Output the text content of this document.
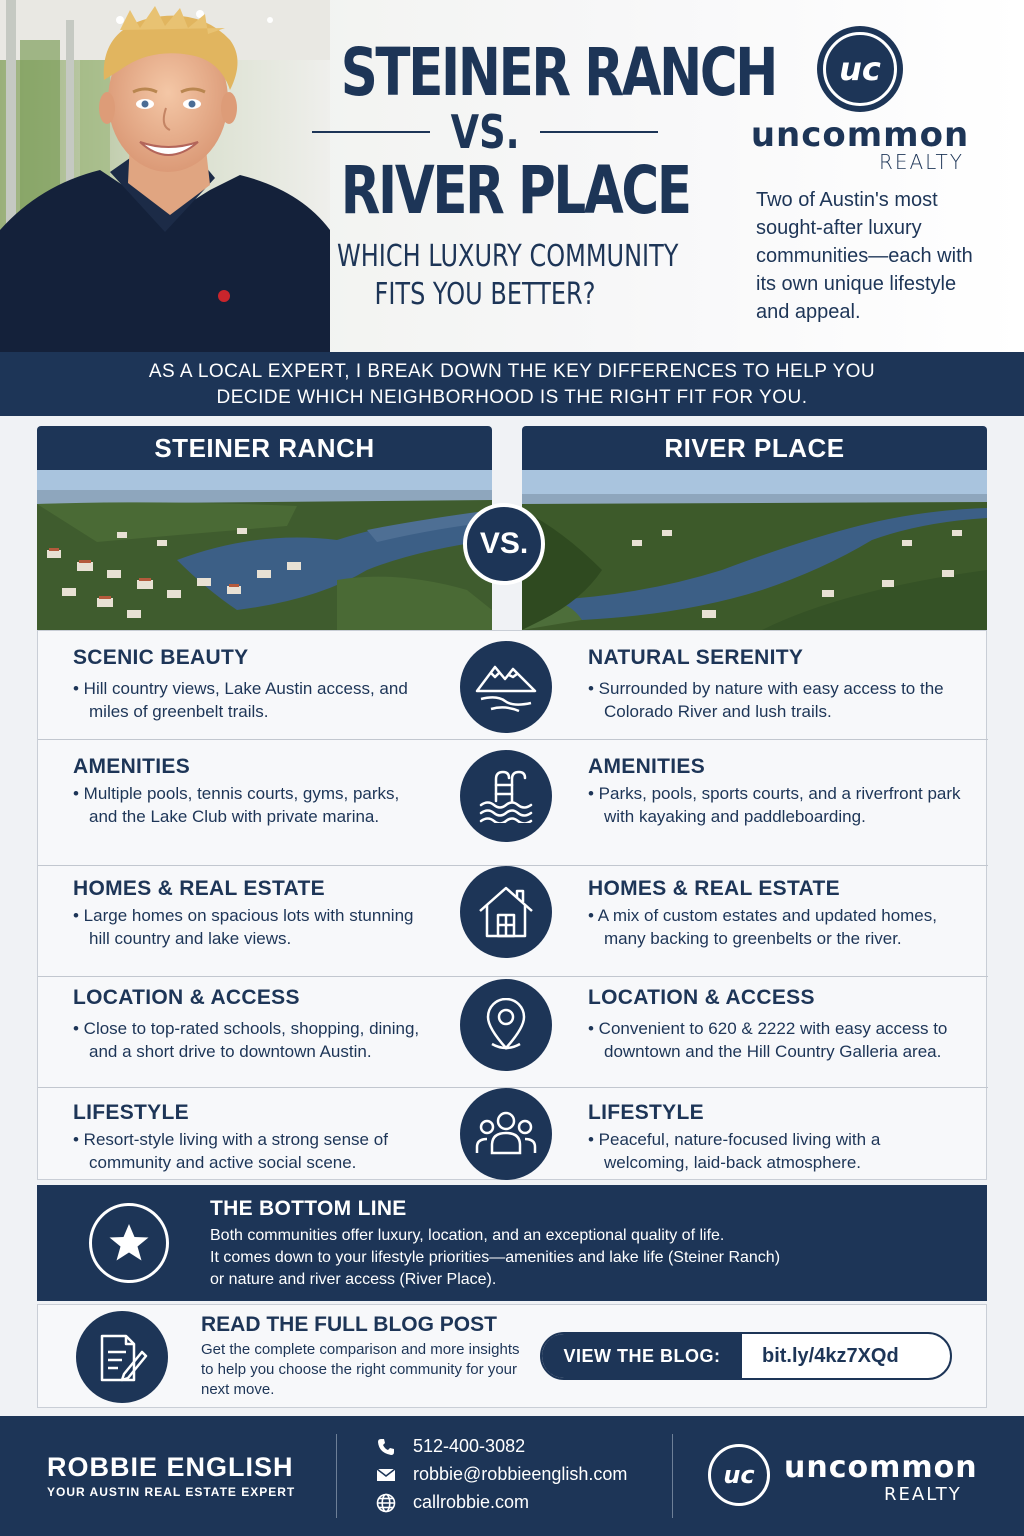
STEINER RANCH
VS.
RIVER PLACE
WHICH LUXURY COMMUNITY
FITS YOU BETTER?
uc
uncommon
REALTY
Two of Austin's most sought-after luxury communities—each with its own unique lifestyle and appeal.
AS A LOCAL EXPERT, I BREAK DOWN THE KEY DIFFERENCES TO HELP YOU
DECIDE WHICH NEIGHBORHOOD IS THE RIGHT FIT FOR YOU.
STEINER RANCH	RIVER PLACE
VS.
SCENIC BEAUTY

• Hill country views, Lake Austin access, and miles of greenbelt trails.

NATURAL SERENITY

• Surrounded by nature with easy access to the Colorado River and lush trails.

AMENITIES

• Multiple pools, tennis courts, gyms, parks, and the Lake Club with private marina.

AMENITIES

• Parks, pools, sports courts, and a riverfront park with kayaking and paddleboarding.

HOMES & REAL ESTATE

• Large homes on spacious lots with stunning hill country and lake views.

HOMES & REAL ESTATE

• A mix of custom estates and updated homes, many backing to greenbelts or the river.

LOCATION & ACCESS

• Close to top-rated schools, shopping, dining, and a short drive to downtown Austin.

LOCATION & ACCESS

• Convenient to 620 & 2222 with easy access to downtown and the Hill Country Galleria area.

LIFESTYLE

• Resort-style living with a strong sense of community and active social scene.

LIFESTYLE

• Peaceful, nature-focused living with a welcoming, laid-back atmosphere.

THE BOTTOM LINE

Both communities offer luxury, location, and an exceptional quality of life.
It comes down to your lifestyle priorities—amenities and lake life (Steiner Ranch)
or nature and river access (River Place).

READ THE FULL BLOG POST

Get the complete comparison and more insights to help you choose the right community for your next move.

VIEW THE BLOG:	bit.ly/4kz7XQd
ROBBIE ENGLISH
YOUR AUSTIN REAL ESTATE EXPERT
512-400-3082
robbie@robbieenglish.com
callrobbie.com
uc uncommon
REALTY
